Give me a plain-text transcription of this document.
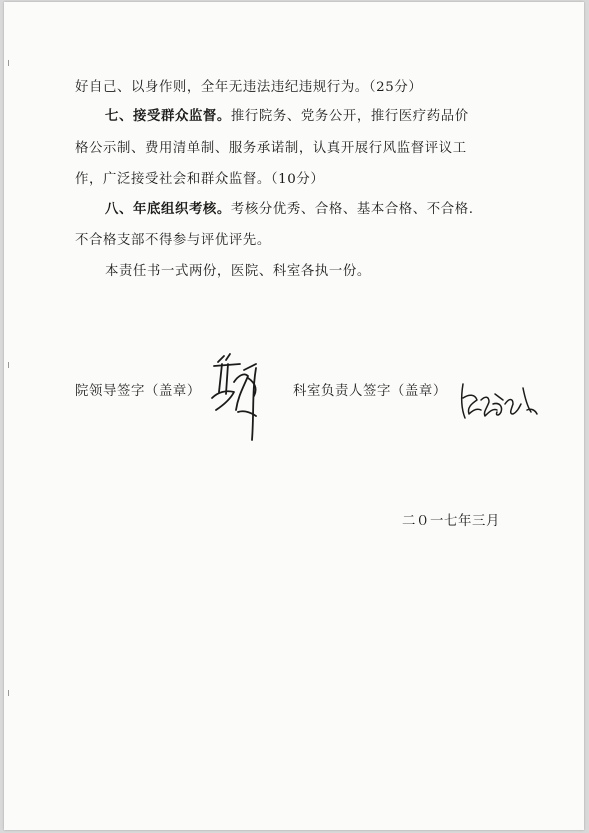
好自己、以身作则，全年无违法违纪违规行为。（25分）
七、接受群众监督。推行院务、党务公开，推行医疗药品价
格公示制、费用清单制、服务承诺制，认真开展行风监督评议工
作，广泛接受社会和群众监督。（10分）
八、年底组织考核。考核分优秀、合格、基本合格、不合格.
不合格支部不得参与评优评先。
本责任书一式两份，医院、科室各执一份。
院领导签字（盖章）	科室负责人签字（盖章）
二０一七年三月
